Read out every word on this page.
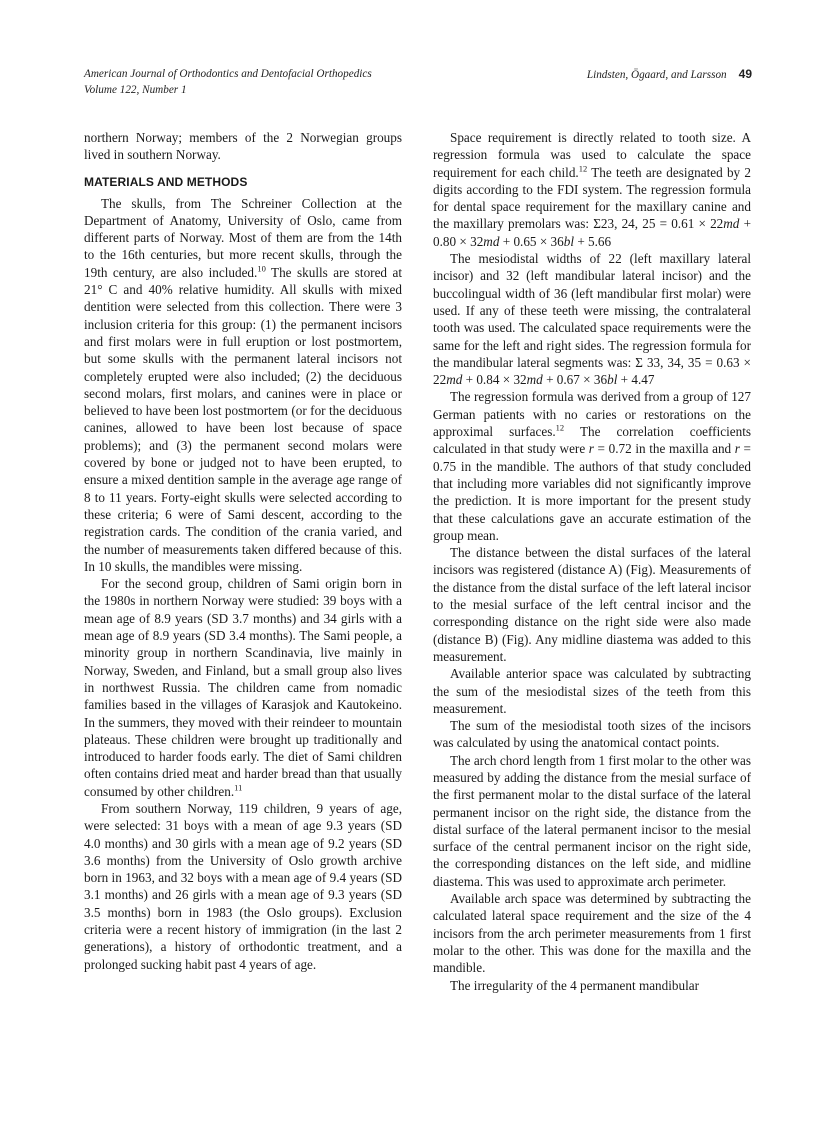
American Journal of Orthodontics and Dentofacial Orthopedics
Volume 122, Number 1
Lindsten, Ögaard, and Larsson 49

northern Norway; members of the 2 Norwegian groups lived in southern Norway.

MATERIALS AND METHODS

The skulls, from The Schreiner Collection at the Department of Anatomy, University of Oslo, came from different parts of Norway. Most of them are from the 14th to the 16th centuries, but more recent skulls, through the 19th century, are also included.$^{10}$ The skulls are stored at 21° C and 40% relative humidity. All skulls with mixed dentition were selected from this collection. There were 3 inclusion criteria for this group: (1) the permanent incisors and first molars were in full eruption or lost postmortem, but some skulls with the permanent lateral incisors not completely erupted were also included; (2) the deciduous second molars, first molars, and canines were in place or believed to have been lost postmortem (or for the deciduous canines, allowed to have been lost because of space problems); and (3) the permanent second molars were covered by bone or judged not to have been erupted, to ensure a mixed dentition sample in the average age range of 8 to 11 years. Forty-eight skulls were selected according to these criteria; 6 were of Sami descent, according to the registration cards. The condition of the crania varied, and the number of measurements taken differed because of this. In 10 skulls, the mandibles were missing.

For the second group, children of Sami origin born in the 1980s in northern Norway were studied: 39 boys with a mean age of 8.9 years (SD 3.7 months) and 34 girls with a mean age of 8.9 years (SD 3.4 months). The Sami people, a minority group in northern Scandinavia, live mainly in Norway, Sweden, and Finland, but a small group also lives in northwest Russia. The children came from nomadic families based in the villages of Karasjok and Kautokeino. In the summers, they moved with their reindeer to mountain plateaus. These children were brought up traditionally and introduced to harder foods early. The diet of Sami children often contains dried meat and harder bread than that usually consumed by other children.$^{11}$

From southern Norway, 119 children, 9 years of age, were selected: 31 boys with a mean of age 9.3 years (SD 4.0 months) and 30 girls with a mean age of 9.2 years (SD 3.6 months) from the University of Oslo growth archive born in 1963, and 32 boys with a mean age of 9.4 years (SD 3.1 months) and 26 girls with a mean age of 9.3 years (SD 3.5 months) born in 1983 (the Oslo groups). Exclusion criteria were a recent history of immigration (in the last 2 generations), a history of orthodontic treatment, and a prolonged sucking habit past 4 years of age.

Space requirement is directly related to tooth size. A regression formula was used to calculate the space requirement for each child.$^{12}$ The teeth are designated by 2 digits according to the FDI system. The regression formula for dental space requirement for the maxillary canine and the maxillary premolars was: Σ23, 24, 25 = 0.61 × 22md + 0.80 × 32md + 0.65 × 36bl + 5.66

The mesiodistal widths of 22 (left maxillary lateral incisor) and 32 (left mandibular lateral incisor) and the buccolingual width of 36 (left mandibular first molar) were used. If any of these teeth were missing, the contralateral tooth was used. The calculated space requirements were the same for the left and right sides. The regression formula for the mandibular lateral segments was: Σ 33, 34, 35 = 0.63 × 22md + 0.84 × 32md + 0.67 × 36bl + 4.47

The regression formula was derived from a group of 127 German patients with no caries or restorations on the approximal surfaces.$^{12}$ The correlation coefficients calculated in that study were r = 0.72 in the maxilla and r = 0.75 in the mandible. The authors of that study concluded that including more variables did not significantly improve the prediction. It is more important for the present study that these calculations gave an accurate estimation of the group mean.

The distance between the distal surfaces of the lateral incisors was registered (distance A) (Fig). Measurements of the distance from the distal surface of the left lateral incisor to the mesial surface of the left central incisor and the corresponding distance on the right side were also made (distance B) (Fig). Any midline diastema was added to this measurement.

Available anterior space was calculated by subtracting the sum of the mesiodistal sizes of the teeth from this measurement.

The sum of the mesiodistal tooth sizes of the incisors was calculated by using the anatomical contact points.

The arch chord length from 1 first molar to the other was measured by adding the distance from the mesial surface of the first permanent molar to the distal surface of the lateral permanent incisor on the right side, the distance from the distal surface of the lateral permanent incisor to the mesial surface of the central permanent incisor on the right side, the corresponding distances on the left side, and midline diastema. This was used to approximate arch perimeter.

Available arch space was determined by subtracting the calculated lateral space requirement and the size of the 4 incisors from the arch perimeter measurements from 1 first molar to the other. This was done for the maxilla and the mandible.

The irregularity of the 4 permanent mandibular
